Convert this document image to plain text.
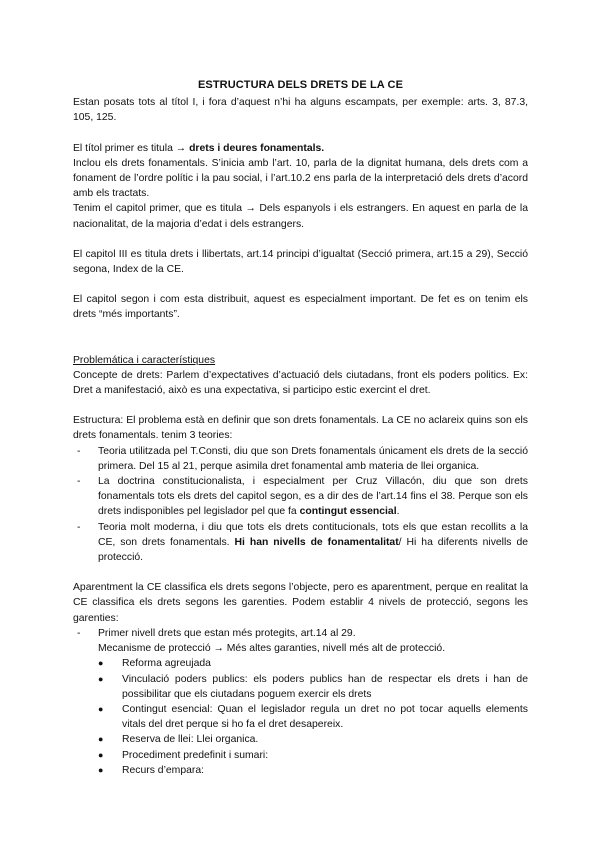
ESTRUCTURA DELS DRETS DE LA CE

Estan posats tots al títol I, i fora d’aquest n’hi ha alguns escampats, per exemple: arts. 3, 87.3, 105, 125.

El títol primer es titula → drets i deures fonamentals.

Inclou els drets fonamentals. S’inicia amb l’art. 10, parla de la dignitat humana, dels drets com a fonament de l’ordre polític i la pau social, i l’art.10.2 ens parla de la interpretació dels drets d’acord amb els tractats.

Tenim el capitol primer, que es titula → Dels espanyols i els estrangers. En aquest en parla de la nacionalitat, de la majoria d’edat i dels estrangers.

El capitol III es titula drets i llibertats, art.14 principi d’igualtat (Secció primera, art.15 a 29), Secció segona, Index de la CE.

El capitol segon i com esta distribuit, aquest es especialment important. De fet es on tenim els drets “més importants”.

Problemática i característiques

Concepte de drets: Parlem d’expectatives d’actuació dels ciutadans, front els poders politics. Ex: Dret a manifestació, això es una expectativa, si participo estic exercint el dret.

Estructura: El problema està en definir que son drets fonamentals. La CE no aclareix quins son els drets fonamentals. tenim 3 teories:

- Teoria utilitzada pel T.Consti, diu que son Drets fonamentals únicament els drets de la secció primera. Del 15 al 21, perque asimila dret fonamental amb materia de llei organica.
- La doctrina constitucionalista, i especialment per Cruz Villacón, diu que son drets fonamentals tots els drets del capitol segon, es a dir des de l’art.14 fins el 38. Perque son els drets indisponibles pel legislador pel que fa contingut essencial.
- Teoria molt moderna, i diu que tots els drets contitucionals, tots els que estan recollits a la CE, son drets fonamentals. Hi han nivells de fonamentalitat/ Hi ha diferents nivells de protecció.

Aparentment la CE classifica els drets segons l’objecte, pero es aparentment, perque en realitat la CE classifica els drets segons les garenties. Podem establir 4 nivels de protecció, segons les garenties:

- Primer nivell drets que estan més protegits, art.14 al 29.
Mecanisme de protecció → Més altes garanties, nivell més alt de protecció.
● Reforma agreujada
● Vinculació poders publics: els poders publics han de respectar els drets i han de possibilitar que els ciutadans poguem exercir els drets
● Contingut esencial: Quan el legislador regula un dret no pot tocar aquells elements vitals del dret perque si ho fa el dret desapereix.
● Reserva de llei: Llei organica.
● Procediment predefinit i sumari:
● Recurs d’empara:
